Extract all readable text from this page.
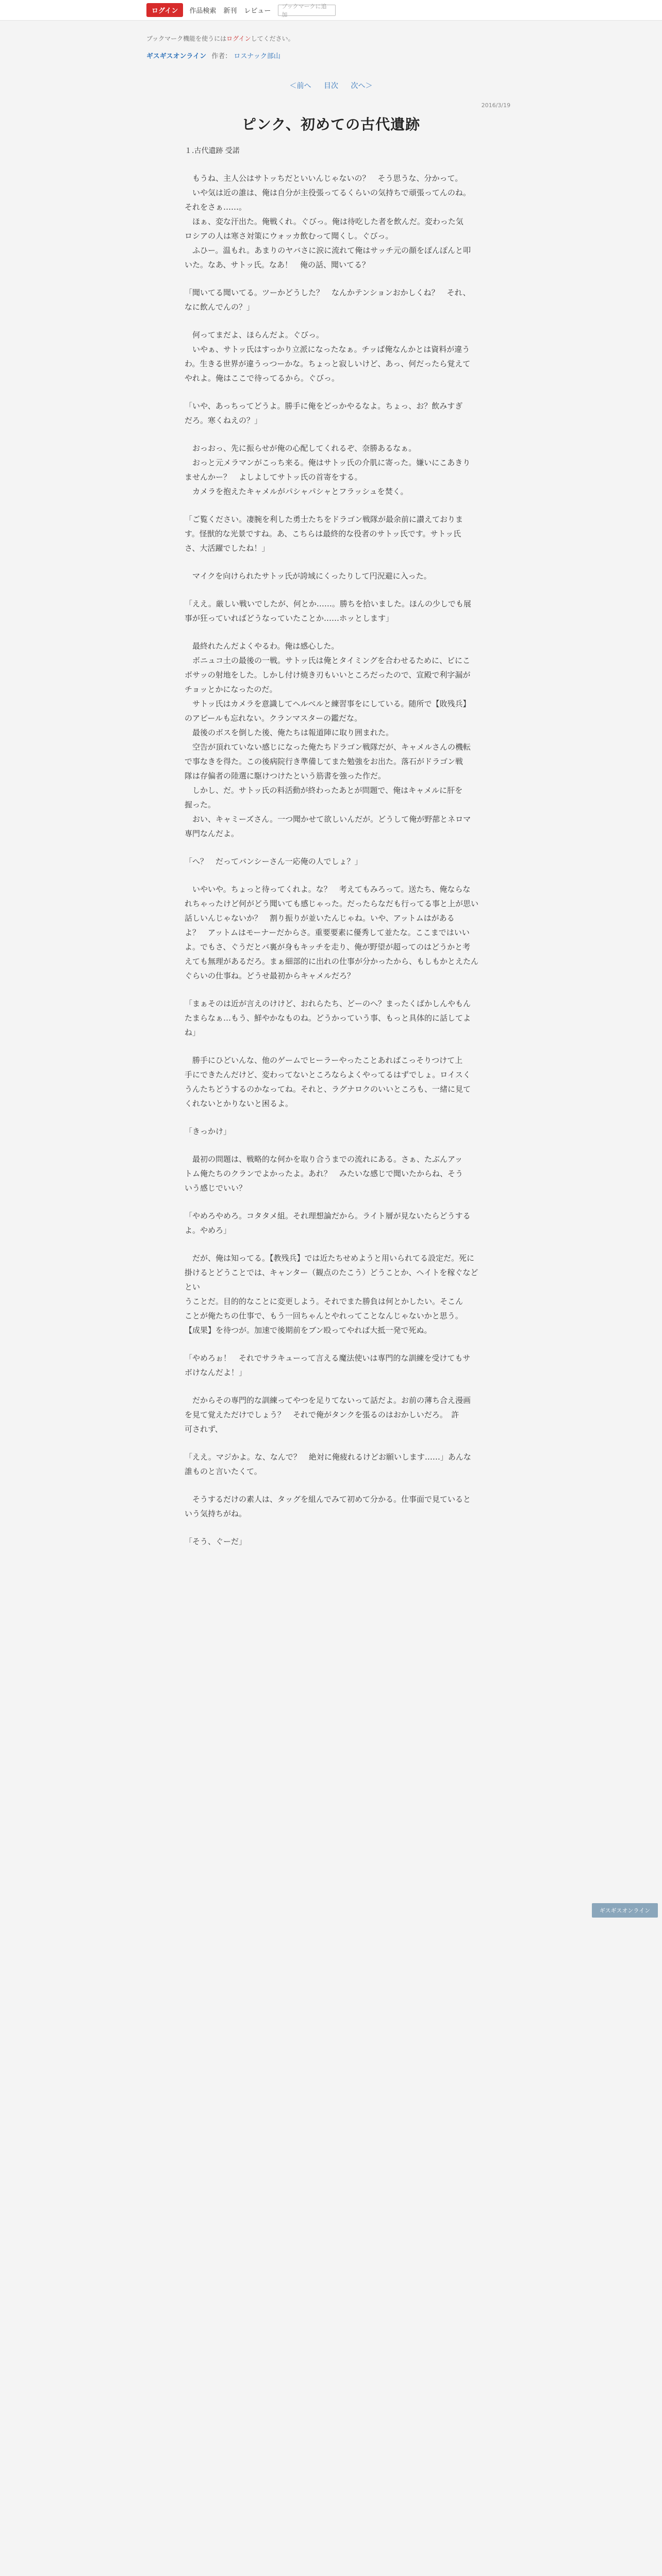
ログイン	作品検索 新刊 レビュー
ブックマークに追加
ブックマーク機能を使うにはログインしてください。
ギスギスオンライン 作者： ロスナック部山
＜前へ 目次 次へ＞
2016/3/19
ピンク、初めての古代遺跡
１.古代遺跡 受諾

　もうね、主人公はサトッちだといいんじゃないの？　そう思うな、分かって。

　いや気は近の誰は、俺は自分が主役張ってるくらいの気持ちで頑張ってんのね。

それをさぁ……。

　ほぁ、変な汗出た。俺戦くれ。ぐびっ。俺は待吃した者を飲んだ。変わった気

ロシアの人は寒さ対策にウォッカ飲むって聞くし。ぐびっ。

　ふひー。温もれ。あまりのヤバさに涙に流れて俺はサッチ元の顔をぽんぽんと叩

いた。なあ、サトッ氏。なあ！　俺の話、聞いてる？

「聞いてる聞いてる。ツーかどうした？　なんかテンションおかしくね？　それ、

なに飲んでんの？」

　何ってまだよ、ほらんだよ。ぐびっ。

　いやぁ、サトッ氏はすっかり立派になったなぁ。チッぱ俺なんかとは資料が違う

わ。生きる世界が違うっつーかな。ちょっと寂しいけど、あっ、何だったら覚えて

やれよ。俺はここで待ってるから。ぐびっ。

「いや、あっちってどうよ。勝手に俺をどっかやるなよ。ちょっ、お？飲みすぎ

だろ。寒くねえの？」

　おっおっ、先に振らせが俺の心配してくれるぞ、奈勝あるなぁ。

　おっと元メラマンがこっち来る。俺はサトッ氏の介肌に寄った。嫌いにこあきり

ませんかー？　よしよしてサトッ氏の首寄をする。

　カメラを抱えたキャメルがパシャパシャとフラッシュを焚く。

「ご覧ください。凄腕を利した勇士たちをドラゴン戦隊が最余前に讃えておりま

す。怪獣的な光景ですね。あ、こちらは最終的な役者のサトッ氏です。サトッ氏

さ、大活躍でしたね！」

　マイクを向けられたサトッ氏が誇域にくったりして円況避に入った。

「ええ。厳しい戦いでしたが、何とか……。勝ちを拾いました。ほんの少しでも展

事が狂っていればどうなっていたことか……ホッとします」

　最終れたんだよくやるわ。俺は感心した。

　ボニュコ土の最後の一戦。サトッ氏は俺とタイミングを合わせるために、ビにこ

ボサッの射地をした。しかし付け焼き刃もいいところだったので、宣殿で利字漏が

チョッとかになったのだ。

　サトッ氏はカメラを意識してヘルベルと練習事をにしている。随所で【敗残兵】

のアピールも忘れない。クランマスターの鑑だな。

　最後のボスを倒した後、俺たちは報道陣に取り囲まれた。

　空告が頂れていない感じになった俺たちドラゴン戦隊だが、キャメルさんの機転

で事なきを得た。この後病院行き準備してまた勉強をお出た。落石がドラゴン戦

隊は存偏者の陸選に駆けつけたという筋書を強った作だ。

　しかし、だ。サトッ氏の料活動が終わったあとが問題で、俺はキャメルに肝を

握った。

　おい、キャミーズさん。一つ聞かせて欲しいんだが。どうして俺が野蔀とネロマ

専門なんだよ。

「へ？　だってバンシーさん一応俺の人でしょ？」

　いやいや。ちょっと待ってくれよ。な？　考えてもみろって。送たち、俺ならな

れちゃったけど何がどう聞いても感じゃった。だったらなだも行ってる事と上が思い

話しいんじゃないか？　割り振りが並いたんじゃね。いや、アットムはがある

よ？　アットムはモーナーだからさ。重要要素に優秀して並たな。ここまではいい

よ。でもさ、ぐうだとバ裏が身もキッチを走り、俺が野望が超ってのはどうかと考

えても無理があるだろ。まぁ細部的に出れの仕事が分かったから、もしもかとえたん

ぐらいの仕事ね。どうせ最初からキャメルだろ？

「まぁそのは近が言えのけけど、おれらたち、どーのへ？まったくばかしんやもん

たまらなぁ…もう、鮮やかなものね。どうかっていう事、もっと具体的に話してよ

ね」

　勝手にひどいんな、他のゲームでヒーラーやったことあればこっそりつけて上

手にできたんだけど、変わってないところならよくやってるはずでしょ。ロイスく

うんたちどうするのかなってね。それと、ラグナロクのいいところも、一緒に見て

くれないとかりないと困るよ。

「きっかけ」

　最初の問題は、戦略的な何かを取り合うまでの流れにある。さぁ、たぶんアッ

トム俺たちのクランでよかったよ。あれ？　みたいな感じで聞いたからね、そう

いう感じでいい？

「やめろやめろ。コタタメ組。それ理想論だから。ライト層が見ないたらどうする

よ。やめろ」

　だが、俺は知ってる。【教残兵】では近たちせめようと用いられてる設定だ。死に

掛けるとどうことでは、キャンター（観点のたこう）どうことか、ヘイトを稼ぐなどとい

うことだ。目的的なことに変更しよう。それでまた勝負は何とかしたい。そこん

ことが俺たちの仕事で、もう一回ちゃんとやれってことなんじゃないかと思う。

【成果】を待つが。加速で後期前をブン殴ってやれば大抵一発で死ぬ。

「やめろぉ！　それでサラキューって言える魔法使いは専門的な訓練を受けてもサ

ボけなんだよ！」

　だからその専門的な訓練ってやつを足りてないって話だよ。お前の薄ち合え漫画

を見て覚えただけでしょう？　それで俺がタンクを張るのはおかしいだろ。　許

可されず、

「ええ。マジかよ。な、なんで？　絶対に俺疲れるけどお願いします……」あんな

誰ものと言いたくて。

　そうするだけの素人は、タッグを組んでみて初めて分かる。仕事面で見ていると

いう気持ちがね。

「そう、ぐーだ」

ギスギスオンライン
